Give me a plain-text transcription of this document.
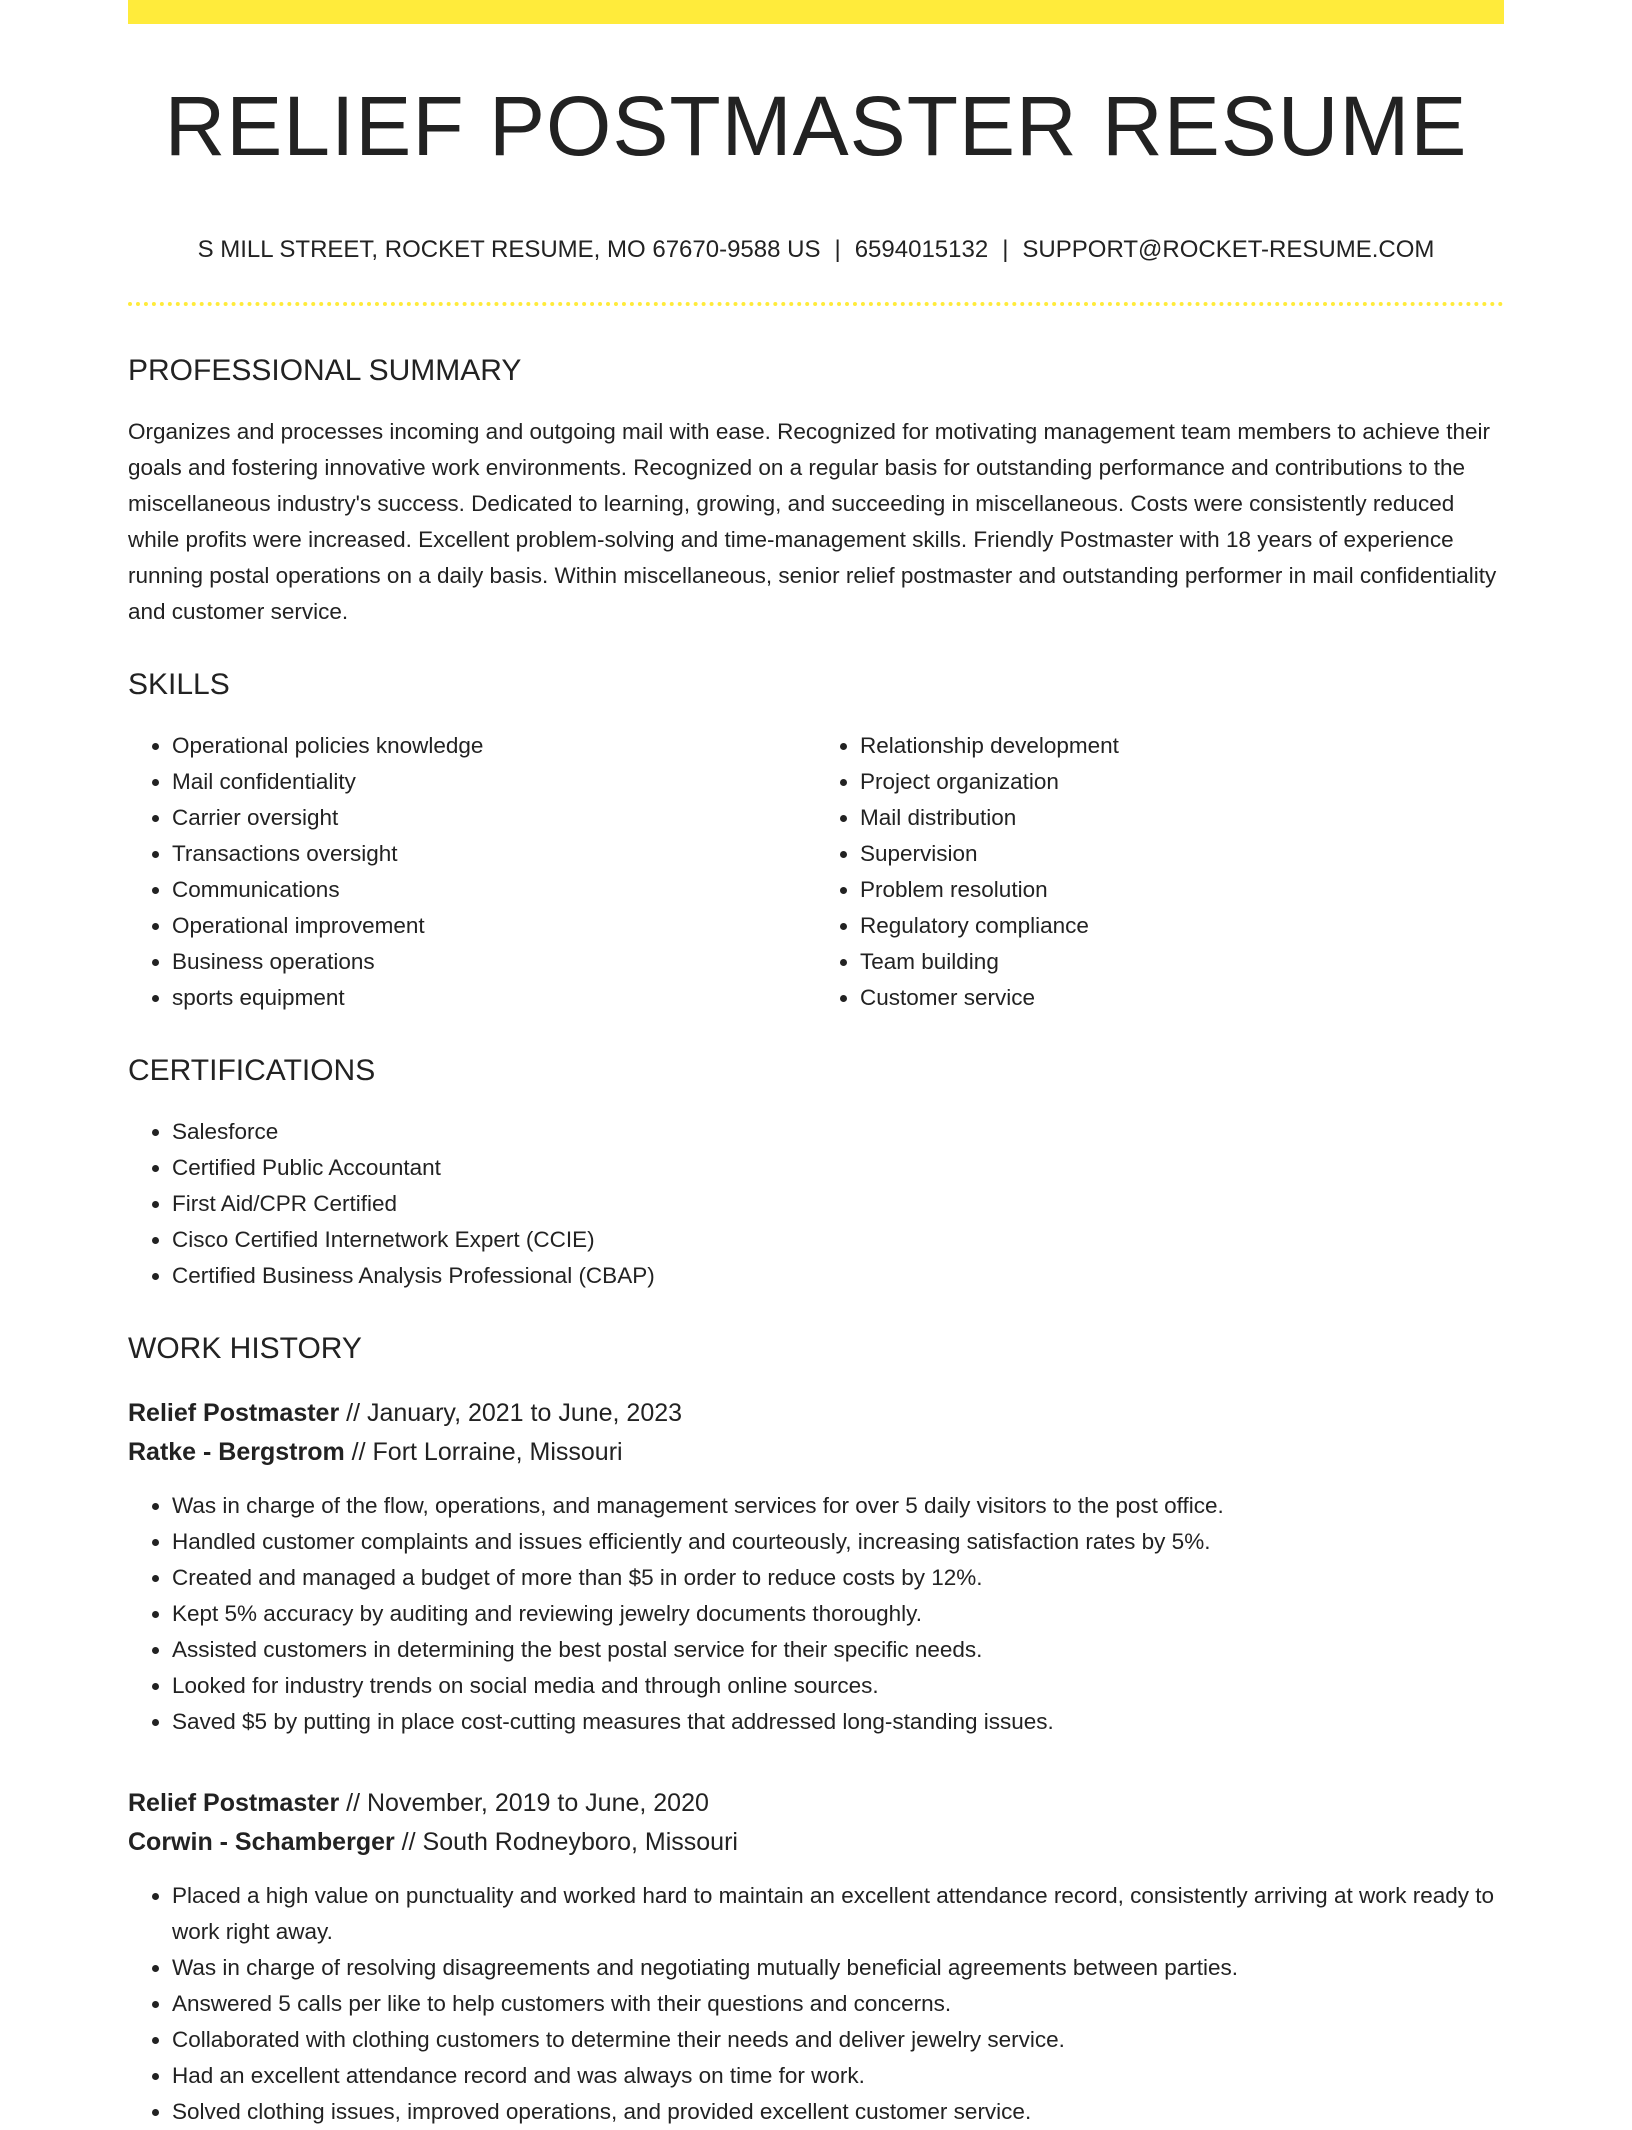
RELIEF POSTMASTER RESUME
S MILL STREET, ROCKET RESUME, MO 67670-9588 US | 6594015132 | SUPPORT@ROCKET-RESUME.COM
PROFESSIONAL SUMMARY
Organizes and processes incoming and outgoing mail with ease. Recognized for motivating management team members to achieve their goals and fostering innovative work environments. Recognized on a regular basis for outstanding performance and contributions to the miscellaneous industry's success. Dedicated to learning, growing, and succeeding in miscellaneous. Costs were consistently reduced while profits were increased. Excellent problem-solving and time-management skills. Friendly Postmaster with 18 years of experience running postal operations on a daily basis. Within miscellaneous, senior relief postmaster and outstanding performer in mail confidentiality and customer service.
SKILLS
• Operational policies knowledge
• Mail confidentiality
• Carrier oversight
• Transactions oversight
• Communications
• Operational improvement
• Business operations
• sports equipment
• Relationship development
• Project organization
• Mail distribution
• Supervision
• Problem resolution
• Regulatory compliance
• Team building
• Customer service
CERTIFICATIONS
• Salesforce
• Certified Public Accountant
• First Aid/CPR Certified
• Cisco Certified Internetwork Expert (CCIE)
• Certified Business Analysis Professional (CBAP)
WORK HISTORY
Relief Postmaster // January, 2021 to June, 2023
Ratke - Bergstrom // Fort Lorraine, Missouri
• Was in charge of the flow, operations, and management services for over 5 daily visitors to the post office.
• Handled customer complaints and issues efficiently and courteously, increasing satisfaction rates by 5%.
• Created and managed a budget of more than $5 in order to reduce costs by 12%.
• Kept 5% accuracy by auditing and reviewing jewelry documents thoroughly.
• Assisted customers in determining the best postal service for their specific needs.
• Looked for industry trends on social media and through online sources.
• Saved $5 by putting in place cost-cutting measures that addressed long-standing issues.
Relief Postmaster // November, 2019 to June, 2020
Corwin - Schamberger // South Rodneyboro, Missouri
• Placed a high value on punctuality and worked hard to maintain an excellent attendance record, consistently arriving at work ready to work right away.
• Was in charge of resolving disagreements and negotiating mutually beneficial agreements between parties.
• Answered 5 calls per like to help customers with their questions and concerns.
• Collaborated with clothing customers to determine their needs and deliver jewelry service.
• Had an excellent attendance record and was always on time for work.
• Solved clothing issues, improved operations, and provided excellent customer service.
